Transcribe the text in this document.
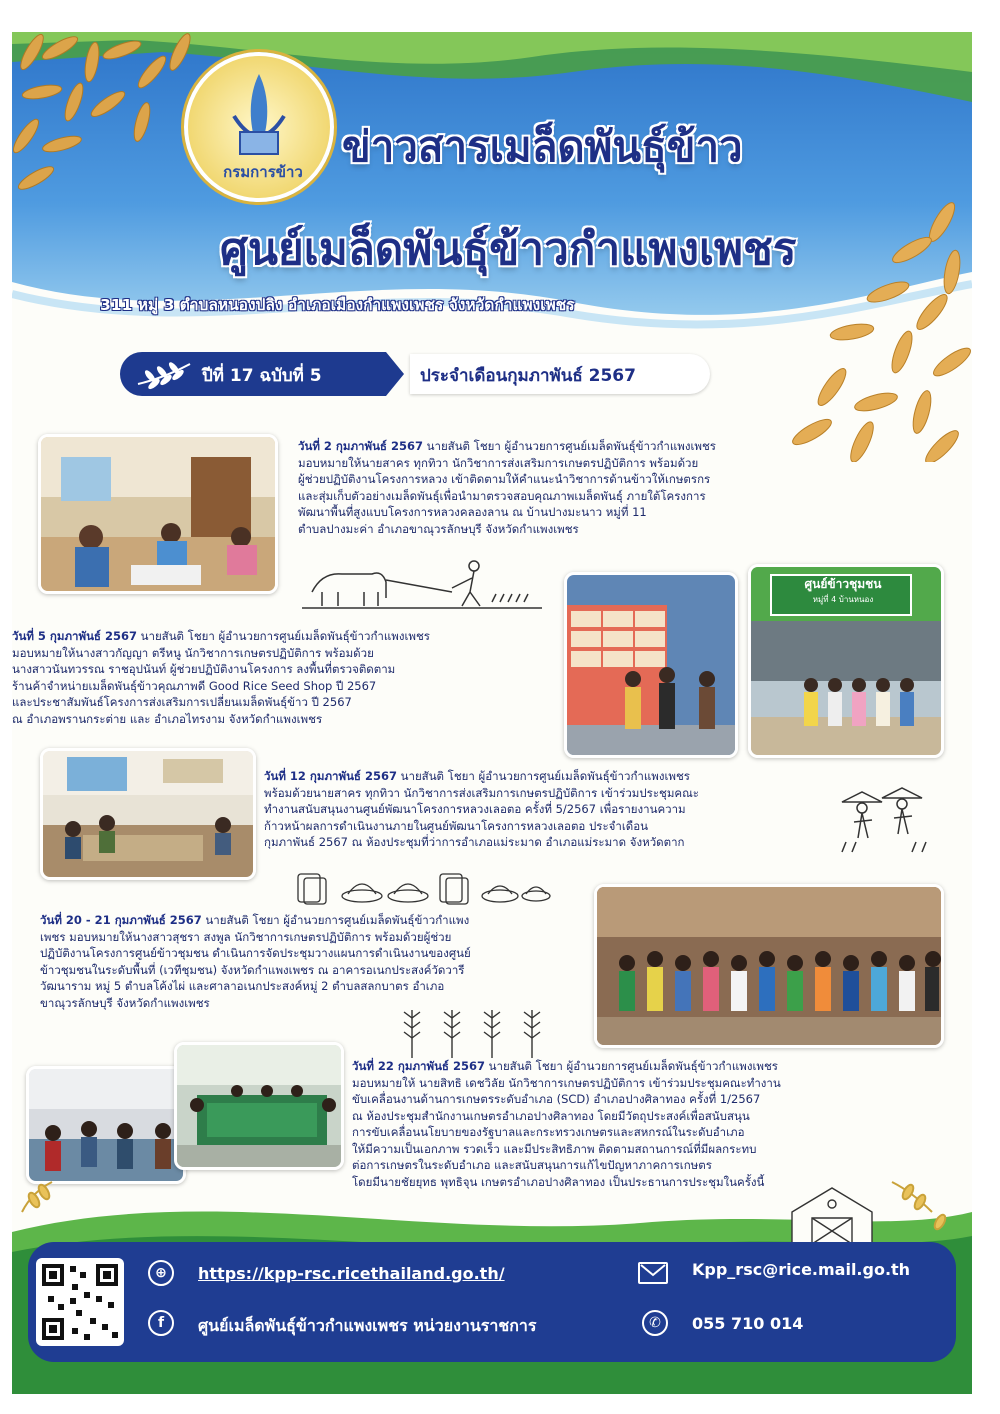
กรมการข้าว
ข่าวสารเมล็ดพันธุ์ข้าว
ศูนย์เมล็ดพันธุ์ข้าวกำแพงเพชร
311 หมู่ 3 ตำบลหนองปลิง อำเภอเมืองกำแพงเพชร จังหวัดกำแพงเพชร
ปีที่ 17 ฉบับที่ 5	ประจำเดือนกุมภาพันธ์ 2567
วันที่ 2 กุมภาพันธ์ 2567 นายสันติ โชยา ผู้อำนวยการศูนย์เมล็ดพันธุ์ข้าวกำแพงเพชร
มอบหมายให้นายสาคร ทุกทิวา นักวิชาการส่งเสริมการเกษตรปฏิบัติการ พร้อมด้วย
ผู้ช่วยปฏิบัติงานโครงการหลวง เข้าติดตามให้คำแนะนำวิชาการด้านข้าวให้เกษตรกร
และสุ่มเก็บตัวอย่างเมล็ดพันธุ์เพื่อนำมาตรวจสอบคุณภาพเมล็ดพันธุ์ ภายใต้โครงการ
พัฒนาพื้นที่สูงแบบโครงการหลวงคลองลาน ณ บ้านปางมะนาว หมู่ที่ 11
ตำบลปางมะค่า อำเภอขาณุวรลักษบุรี จังหวัดกำแพงเพชร
วันที่ 5 กุมภาพันธ์ 2567 นายสันติ โชยา ผู้อำนวยการศูนย์เมล็ดพันธุ์ข้าวกำแพงเพชร
มอบหมายให้นางสาวกัญญา ตรีหนู นักวิชาการเกษตรปฏิบัติการ พร้อมด้วย
นางสาวนันทวรรณ ราชอุปนันท์ ผู้ช่วยปฏิบัติงานโครงการ ลงพื้นที่ตรวจติดตาม
ร้านค้าจำหน่ายเมล็ดพันธุ์ข้าวคุณภาพดี Good Rice Seed Shop ปี 2567
และประชาสัมพันธ์โครงการส่งเสริมการเปลี่ยนเมล็ดพันธุ์ข้าว ปี 2567
ณ อำเภอพรานกระต่าย และ อำเภอไทรงาม จังหวัดกำแพงเพชร
ศูนย์ข้าวชุมชน
หมู่ที่ 4 บ้านหนอง
วันที่ 12 กุมภาพันธ์ 2567 นายสันติ โชยา ผู้อำนวยการศูนย์เมล็ดพันธุ์ข้าวกำแพงเพชร
พร้อมด้วยนายสาคร ทุกทิวา นักวิชาการส่งเสริมการเกษตรปฏิบัติการ เข้าร่วมประชุมคณะ
ทำงานสนับสนุนงานศูนย์พัฒนาโครงการหลวงเลอตอ ครั้งที่ 5/2567 เพื่อรายงานความ
ก้าวหน้าผลการดำเนินงานภายในศูนย์พัฒนาโครงการหลวงเลอตอ ประจำเดือน
กุมภาพันธ์ 2567 ณ ห้องประชุมที่ว่าการอำเภอแม่ระมาด อำเภอแม่ระมาด จังหวัดตาก
วันที่ 20 - 21 กุมภาพันธ์ 2567 นายสันติ โชยา ผู้อำนวยการศูนย์เมล็ดพันธุ์ข้าวกำแพง
เพชร มอบหมายให้นางสาวสุชรา สงพูล นักวิชาการเกษตรปฏิบัติการ พร้อมด้วยผู้ช่วย
ปฏิบัติงานโครงการศูนย์ข้าวชุมชน ดำเนินการจัดประชุมวางแผนการดำเนินงานของศูนย์
ข้าวชุมชนในระดับพื้นที่ (เวทีชุมชน) จังหวัดกำแพงเพชร ณ อาคารอเนกประสงค์วัดวารี
วัฒนาราม หมู่ 5 ตำบลโค้งไผ่ และศาลาอเนกประสงค์หมู่ 2 ตำบลสลกบาตร อำเภอ
ขาณุวรลักษบุรี จังหวัดกำแพงเพชร
วันที่ 22 กุมภาพันธ์ 2567 นายสันติ โชยา ผู้อำนวยการศูนย์เมล็ดพันธุ์ข้าวกำแพงเพชร
มอบหมายให้ นายสิทธิ เดชวิลัย นักวิชาการเกษตรปฏิบัติการ เข้าร่วมประชุมคณะทำงาน
ขับเคลื่อนงานด้านการเกษตรระดับอำเภอ (SCD) อำเภอปางศิลาทอง ครั้งที่ 1/2567
ณ ห้องประชุมสำนักงานเกษตรอำเภอปางศิลาทอง โดยมีวัตถุประสงค์เพื่อสนับสนุน
การขับเคลื่อนนโยบายของรัฐบาลและกระทรวงเกษตรและสหกรณ์ในระดับอำเภอ
ให้มีความเป็นเอกภาพ รวดเร็ว และมีประสิทธิภาพ ติดตามสถานการณ์ที่มีผลกระทบ
ต่อการเกษตรในระดับอำเภอ และสนับสนุนการแก้ไขปัญหาภาคการเกษตร
โดยมีนายชัยยุทธ พุทธิจุน เกษตรอำเภอปางศิลาทอง เป็นประธานการประชุมในครั้งนี้
⊕	https://kpp-rsc.ricethailand.go.th/
f	ศูนย์เมล็ดพันธุ์ข้าวกำแพงเพชร หน่วยงานราชการ
Kpp_rsc@rice.mail.go.th
✆	055 710 014
